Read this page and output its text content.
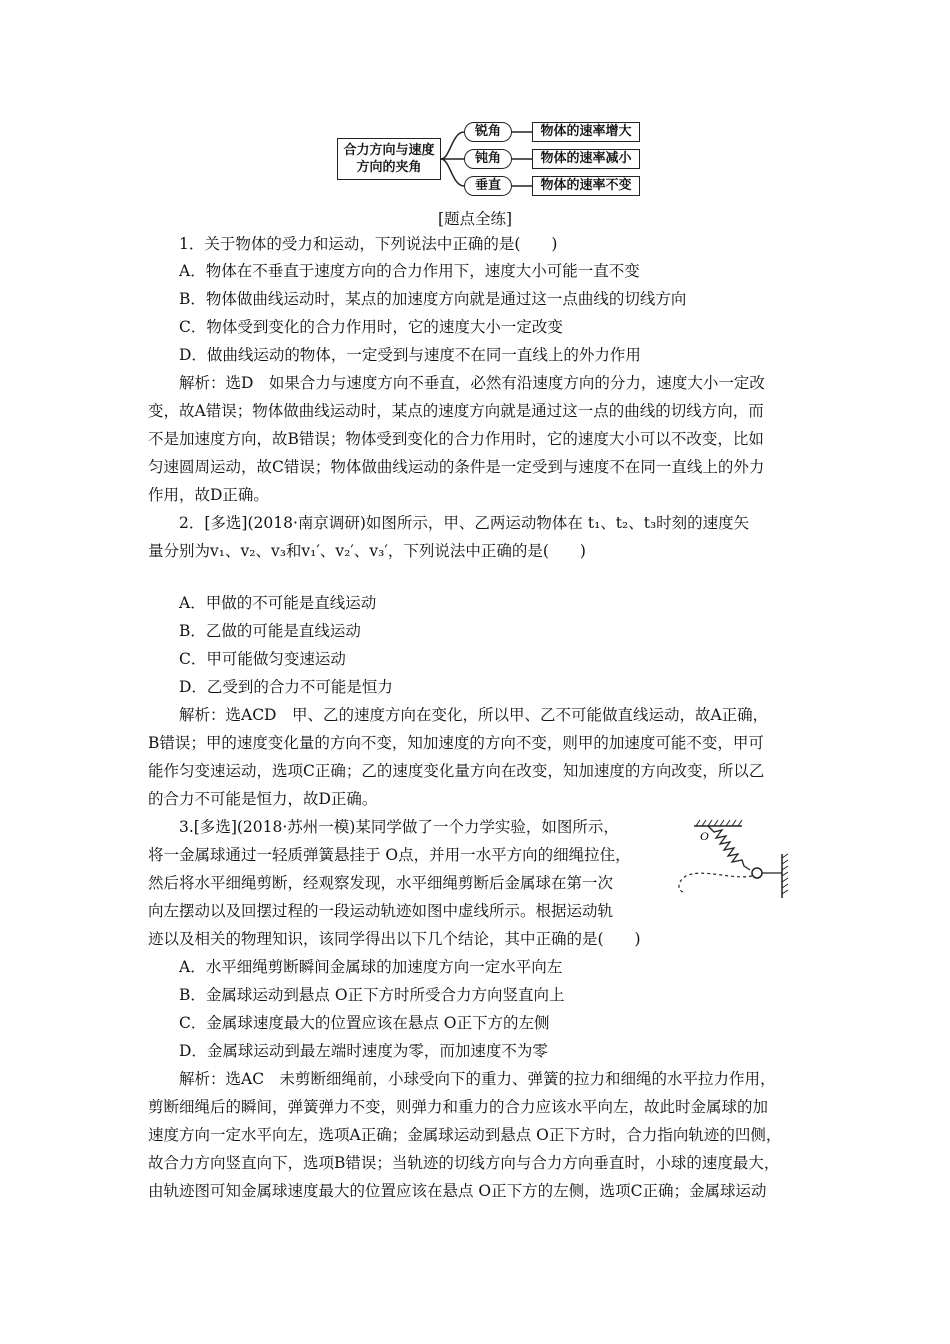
合力方向与速度
方向的夹角
锐角
钝角
垂直
物体的速率增大
物体的速率减小
物体的速率不变
[题点全练]
　　1．关于物体的受力和运动，下列说法中正确的是(　　)
　　A．物体在不垂直于速度方向的合力作用下，速度大小可能一直不变
　　B．物体做曲线运动时，某点的加速度方向就是通过这一点曲线的切线方向
　　C．物体受到变化的合力作用时，它的速度大小一定改变
　　D．做曲线运动的物体，一定受到与速度不在同一直线上的外力作用
　　解析：选D　如果合力与速度方向不垂直，必然有沿速度方向的分力，速度大小一定改
变，故A错误；物体做曲线运动时，某点的速度方向就是通过这一点的曲线的切线方向，而
不是加速度方向，故B错误；物体受到变化的合力作用时，它的速度大小可以不改变，比如
匀速圆周运动，故C错误；物体做曲线运动的条件是一定受到与速度不在同一直线上的外力
作用，故D正确。
　　2．[多选](2018·南京调研)如图所示，甲、乙两运动物体在 t₁、t₂、t₃时刻的速度矢
量分别为v₁、v₂、v₃和v₁′、v₂′、v₃′，下列说法中正确的是(　　)
　　A．甲做的不可能是直线运动
　　B．乙做的可能是直线运动
　　C．甲可能做匀变速运动
　　D．乙受到的合力不可能是恒力
　　解析：选ACD　甲、乙的速度方向在变化，所以甲、乙不可能做直线运动，故A正确，
B错误；甲的速度变化量的方向不变，知加速度的方向不变，则甲的加速度可能不变，甲可
能作匀变速运动，选项C正确；乙的速度变化量方向在改变，知加速度的方向改变，所以乙
的合力不可能是恒力，故D正确。
　　3.[多选](2018·苏州一模)某同学做了一个力学实验，如图所示，
将一金属球通过一轻质弹簧悬挂于 O点，并用一水平方向的细绳拉住，
然后将水平细绳剪断，经观察发现，水平细绳剪断后金属球在第一次
向左摆动以及回摆过程的一段运动轨迹如图中虚线所示。根据运动轨
迹以及相关的物理知识，该同学得出以下几个结论，其中正确的是(　　)
　　A．水平细绳剪断瞬间金属球的加速度方向一定水平向左
　　B．金属球运动到悬点 O正下方时所受合力方向竖直向上
　　C．金属球速度最大的位置应该在悬点 O正下方的左侧
　　D．金属球运动到最左端时速度为零，而加速度不为零
　　解析：选AC　未剪断细绳前，小球受向下的重力、弹簧的拉力和细绳的水平拉力作用，
剪断细绳后的瞬间，弹簧弹力不变，则弹力和重力的合力应该水平向左，故此时金属球的加
速度方向一定水平向左，选项A正确；金属球运动到悬点 O正下方时，合力指向轨迹的凹侧，
故合力方向竖直向下，选项B错误；当轨迹的切线方向与合力方向垂直时，小球的速度最大，
由轨迹图可知金属球速度最大的位置应该在悬点 O正下方的左侧，选项C正确；金属球运动
O
